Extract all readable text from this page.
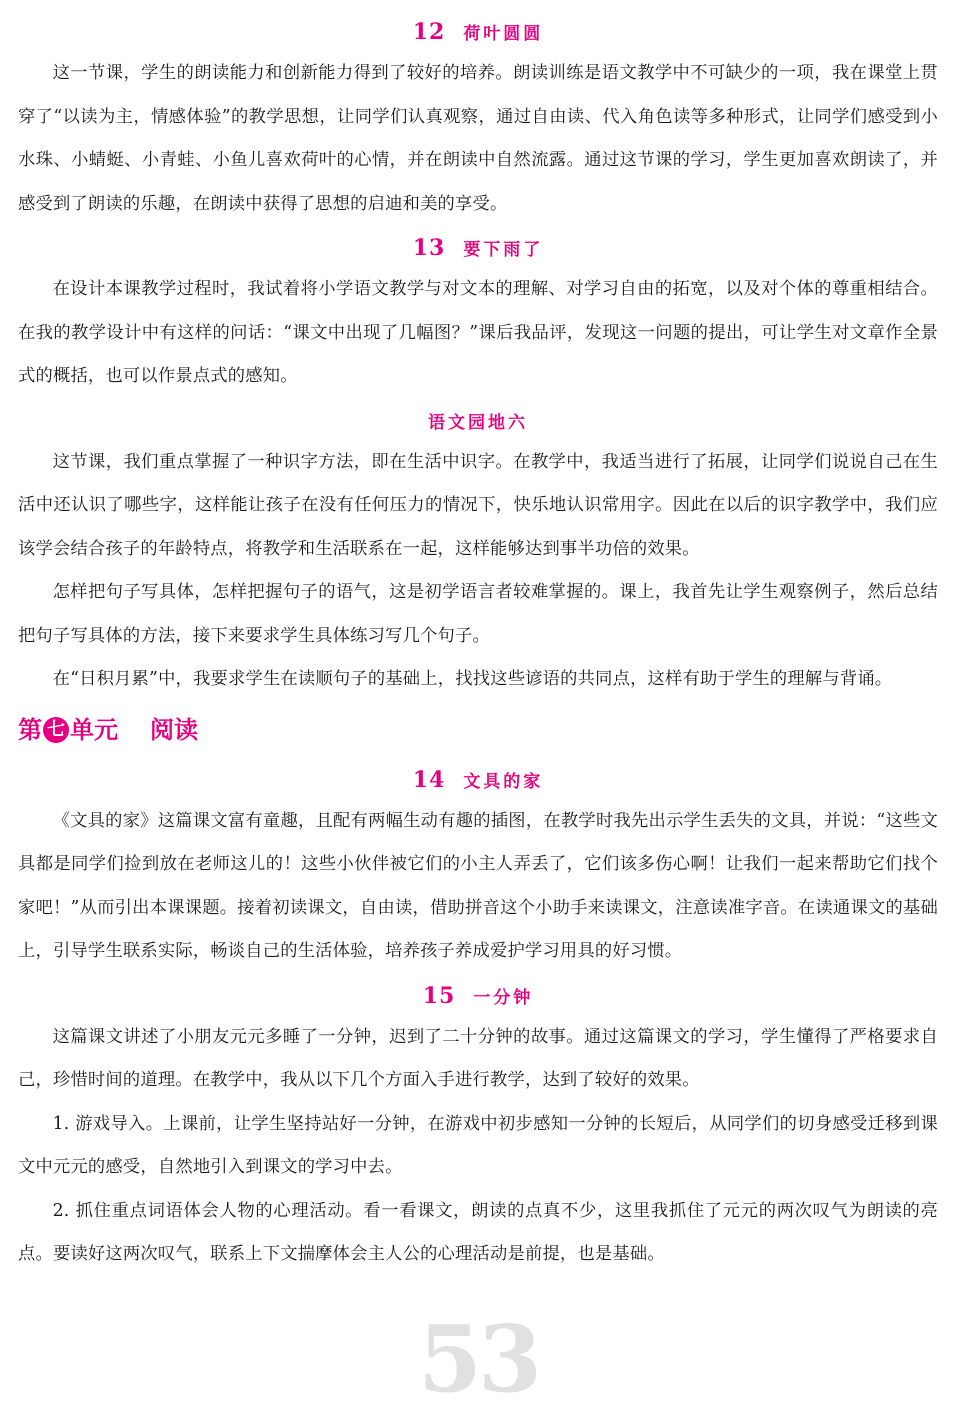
53
12 荷叶圆圆

这一节课，学生的朗读能力和创新能力得到了较好的培养。朗读训练是语文教学中不可缺少的一项，我在课堂上贯穿了“以读为主，情感体验”的教学思想，让同学们认真观察，通过自由读、代入角色读等多种形式，让同学们感受到小水珠、小蜻蜓、小青蛙、小鱼儿喜欢荷叶的心情，并在朗读中自然流露。通过这节课的学习，学生更加喜欢朗读了，并感受到了朗读的乐趣，在朗读中获得了思想的启迪和美的享受。

13 要下雨了

在设计本课教学过程时，我试着将小学语文教学与对文本的理解、对学习自由的拓宽，以及对个体的尊重相结合。在我的教学设计中有这样的问话：“课文中出现了几幅图？”课后我品评，发现这一问题的提出，可让学生对文章作全景式的概括，也可以作景点式的感知。

语文园地六

这节课，我们重点掌握了一种识字方法，即在生活中识字。在教学中，我适当进行了拓展，让同学们说说自己在生活中还认识了哪些字，这样能让孩子在没有任何压力的情况下，快乐地认识常用字。因此在以后的识字教学中，我们应该学会结合孩子的年龄特点，将教学和生活联系在一起，这样能够达到事半功倍的效果。

怎样把句子写具体，怎样把握句子的语气，这是初学语言者较难掌握的。课上，我首先让学生观察例子，然后总结把句子写具体的方法，接下来要求学生具体练习写几个句子。

在“日积月累”中，我要求学生在读顺句子的基础上，找找这些谚语的共同点，这样有助于学生的理解与背诵。

第 七 单元 阅读
14 文具的家

《文具的家》这篇课文富有童趣，且配有两幅生动有趣的插图，在教学时我先出示学生丢失的文具，并说：“这些文具都是同学们捡到放在老师这儿的！这些小伙伴被它们的小主人弄丢了，它们该多伤心啊！让我们一起来帮助它们找个家吧！”从而引出本课课题。接着初读课文，自由读，借助拼音这个小助手来读课文，注意读准字音。在读通课文的基础上，引导学生联系实际，畅谈自己的生活体验，培养孩子养成爱护学习用具的好习惯。

15 一分钟

这篇课文讲述了小朋友元元多睡了一分钟，迟到了二十分钟的故事。通过这篇课文的学习，学生懂得了严格要求自己，珍惜时间的道理。在教学中，我从以下几个方面入手进行教学，达到了较好的效果。

1. 游戏导入。上课前，让学生坚持站好一分钟，在游戏中初步感知一分钟的长短后，从同学们的切身感受迁移到课文中元元的感受，自然地引入到课文的学习中去。

2. 抓住重点词语体会人物的心理活动。看一看课文，朗读的点真不少，这里我抓住了元元的两次叹气为朗读的亮点。要读好这两次叹气，联系上下文揣摩体会主人公的心理活动是前提，也是基础。
